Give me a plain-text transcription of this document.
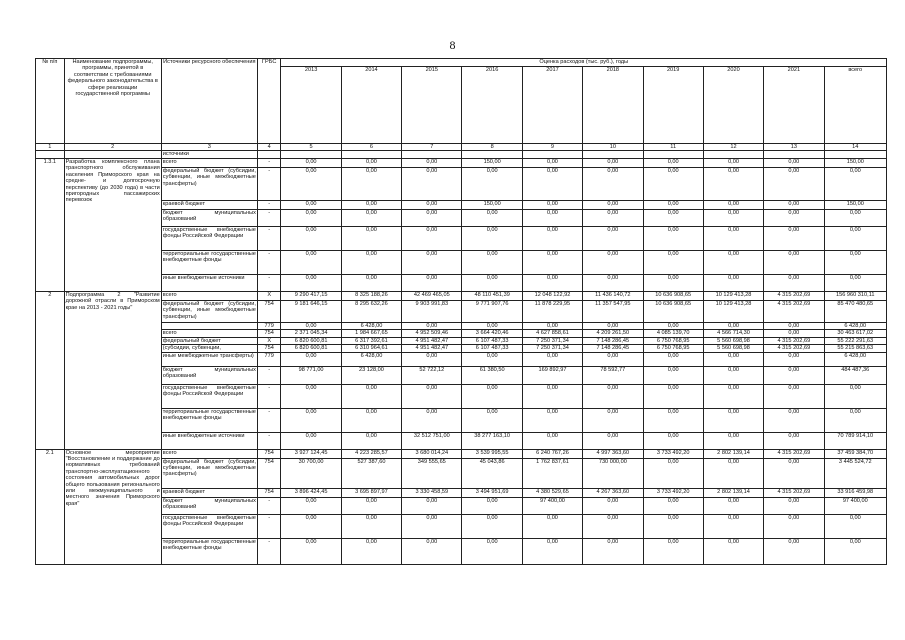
8
№ п/п	Наименование подпрограммы, программы, принятой в соответствии с требованиями федерального законодательства в сфере реализации государственной программы	Источники ресурсного обеспечения	ГРБС	Оценка расходов (тыс. руб.), годы									
				2013	2014	2015	2016	2017	2018	2019	2020	2021	всего
1	2	3	4	5	6	7	8	9	10	11	12	13	14
		источники											
1.3.1	Разработка комплексного плана транспортного обслуживания населения Приморского края на средне- и долгосрочную перспективу (до 2030 года) в части пригородных пассажирских перевозок	всего	-	0,00	0,00	0,00	150,00	0,00	0,00	0,00	0,00	0,00	150,00
		федеральный бюджет (субсидии, субвенции, иные межбюджетные трансферты)	-	0,00	0,00	0,00	0,00	0,00	0,00	0,00	0,00	0,00	0,00
		краевой бюджет	-	0,00	0,00	0,00	150,00	0,00	0,00	0,00	0,00	0,00	150,00
		бюджет муниципальных образований	-	0,00	0,00	0,00	0,00	0,00	0,00	0,00	0,00	0,00	0,00
		государственные внебюджетные фонды Российской Федерации	-	0,00	0,00	0,00	0,00	0,00	0,00	0,00	0,00	0,00	0,00
		территориальные государственные внебюджетные фонды	-	0,00	0,00	0,00	0,00	0,00	0,00	0,00	0,00	0,00	0,00
		иные внебюджетные источники	-	0,00	0,00	0,00	0,00	0,00	0,00	0,00	0,00	0,00	0,00
2	Подпрограмма 2 "Развитие дорожной отрасли в Приморском крае на 2013 - 2021 годы"	всего	X	9 290 417,15	8 325 188,26	42 469 465,05	48 110 451,39	12 048 122,92	11 436 140,72	10 636 908,65	10 129 413,28	4 315 202,69	156 960 310,11
		федеральный бюджет (субсидии, субвенции, иные межбюджетные трансферты)	754	9 181 646,15	8 295 632,26	9 903 991,83	9 771 907,76	11 878 229,95	11 357 547,95	10 636 908,65	10 129 413,28	4 315 202,69	85 470 480,65
			779	0,00	6 428,00	0,00	0,00	0,00	0,00	0,00	0,00	0,00	6 428,00
		всего	754	2 371 045,34	1 984 667,65	4 952 509,46	3 664 420,46	4 627 858,61	4 209 261,50	4 085 139,70	4 566 714,30	0,00	30 463 617,02
		федеральный бюджет	X	6 820 600,81	6 317 392,61	4 951 482,47	6 107 487,33	7 250 371,34	7 148 286,45	6 750 768,95	5 560 698,98	4 315 202,69	55 222 291,63
		(субсидии, субвенции,	754	6 820 600,81	6 310 964,61	4 951 482,47	6 107 487,33	7 250 371,34	7 148 286,45	6 750 768,95	5 560 698,98	4 315 202,69	55 215 863,63
		иные межбюджетные трансферты)	779	0,00	6 428,00	0,00	0,00	0,00	0,00	0,00	0,00	0,00	6 428,00
		бюджет муниципальных образований	-	98 771,00	23 128,00	52 722,12	61 380,50	169 892,97	78 592,77	0,00	0,00	0,00	484 487,36
		государственные внебюджетные фонды Российской Федерации	-	0,00	0,00	0,00	0,00	0,00	0,00	0,00	0,00	0,00	0,00
		территориальные государственные внебюджетные фонды	-	0,00	0,00	0,00	0,00	0,00	0,00	0,00	0,00	0,00	0,00
		иные внебюджетные источники	-	0,00	0,00	32 512 751,00	38 277 163,10	0,00	0,00	0,00	0,00	0,00	70 789 914,10
2.1	Основное мероприятие "Восстановление и поддержание до нормативных требований транспортно-эксплуатационного состояния автомобильных дорог общего пользования регионального или межмуниципального и местного значения Приморского края"	всего	754	3 927 124,45	4 223 285,57	3 680 014,24	3 539 995,55	6 240 767,26	4 997 363,60	3 733 492,20	2 802 139,14	4 315 202,69	37 459 384,70
		федеральный бюджет (субсидии, субвенции, иные межбюджетные трансферты)	754	30 700,00	527 387,60	349 555,65	45 043,86	1 762 837,61	730 000,00	0,00	0,00	0,00	3 445 524,72
		краевой бюджет	754	3 896 424,45	3 695 897,97	3 330 458,59	3 494 951,69	4 380 529,65	4 267 363,60	3 733 492,20	2 802 139,14	4 315 202,69	33 916 459,98
		бюджет муниципальных образований	-	0,00	0,00	0,00	0,00	97 400,00	0,00	0,00	0,00	0,00	97 400,00
		государственные внебюджетные фонды Российской Федерации	-	0,00	0,00	0,00	0,00	0,00	0,00	0,00	0,00	0,00	0,00
		территориальные государственные внебюджетные фонды	-	0,00	0,00	0,00	0,00	0,00	0,00	0,00	0,00	0,00	0,00
